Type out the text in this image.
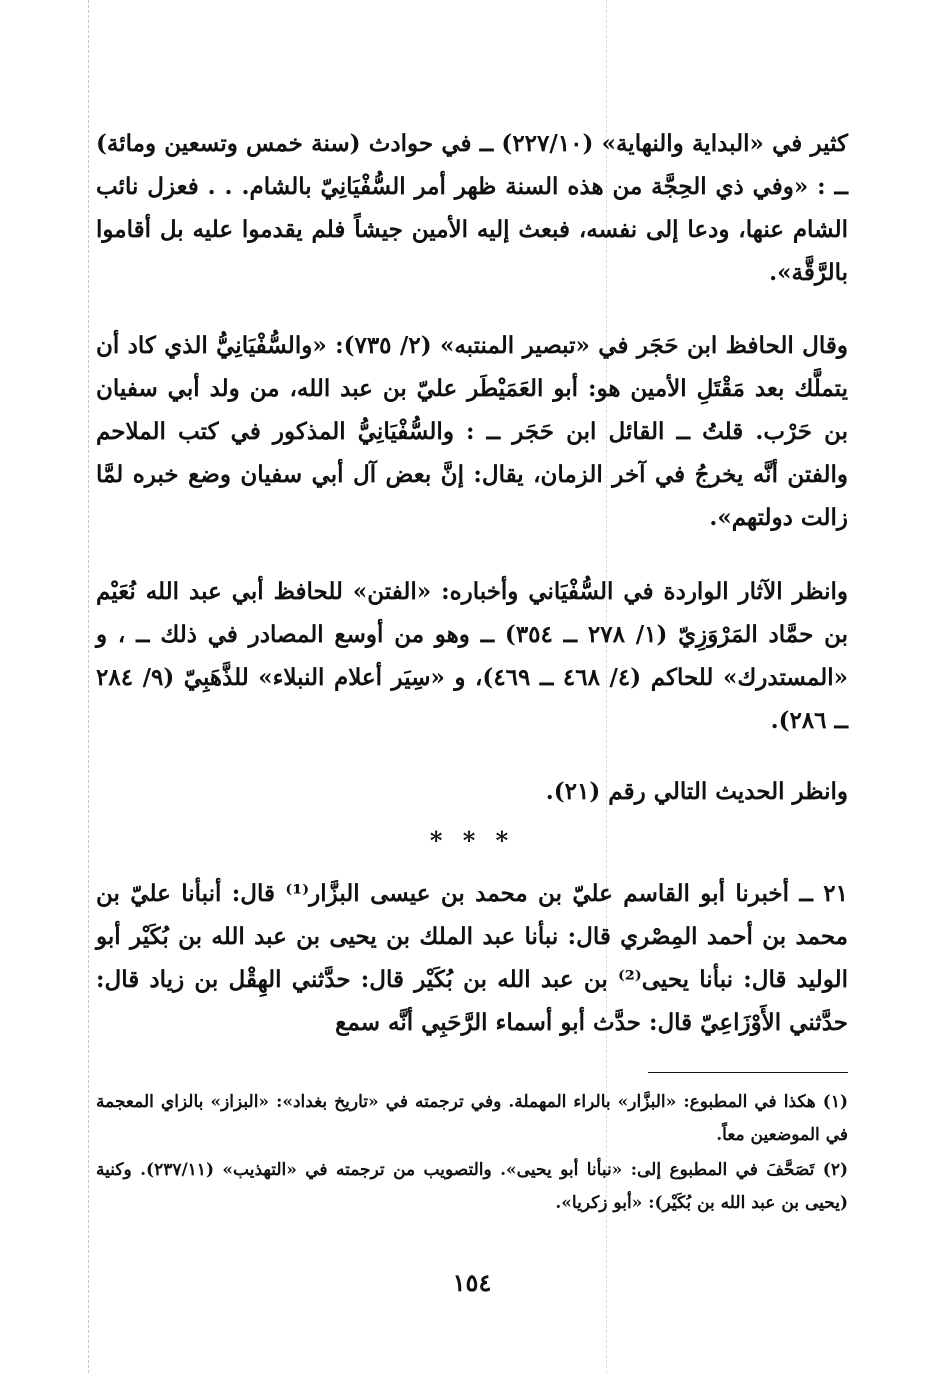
كثير في «البداية والنهاية» (٢٢٧/١٠) ــ في حوادث (سنة خمس وتسعين ومائة) ــ : «وفي ذي الحِجَّة من هذه السنة ظهر أمر السُّفْيَانِيّ بالشام. . . فعزل نائب الشام عنها، ودعا إلى نفسه، فبعث إليه الأمين جيشاً فلم يقدموا عليه بل أقاموا بالرَّقَّة».

وقال الحافظ ابن حَجَر في «تبصير المنتبه» (٢/ ٧٣٥): «والسُّفْيَانِيُّ الذي كاد أن يتملَّك بعد مَقْتَلِ الأمين هو: أبو العَمَيْطَر عليّ بن عبد الله، من ولد أبي سفيان بن حَرْب. قلتُ ــ القائل ابن حَجَر ــ : والسُّفْيَانِيُّ المذكور في كتب الملاحم والفتن أنَّه يخرجُ في آخر الزمان، يقال: إنَّ بعض آل أبي سفيان وضع خبره لمَّا زالت دولتهم».

وانظر الآثار الواردة في السُّفْيَاني وأخباره: «الفتن» للحافظ أبي عبد الله نُعَيْم بن حمَّاد المَرْوَزِيّ (١/ ٢٧٨ ــ ٣٥٤) ــ وهو من أوسع المصادر في ذلك ــ ، و «المستدرك» للحاكم (٤/ ٤٦٨ ــ ٤٦٩)، و «سِيَر أعلام النبلاء» للذَّهَبِيّ (٩/ ٢٨٤ ــ ٢٨٦).

وانظر الحديث التالي رقم (٢١).

* * *

٢١ ــ أخبرنا أبو القاسم عليّ بن محمد بن عيسى البزَّار⁽¹⁾ قال: أنبأنا عليّ بن محمد بن أحمد المِصْري قال: نبأنا عبد الملك بن يحيى بن عبد الله بن بُكَيْر أبو الوليد قال: نبأنا يحيى⁽²⁾ بن عبد الله بن بُكَيْر قال: حدَّثني الهِقْل بن زياد قال: حدَّثني الأَوْزَاعِيّ قال: حدَّث أبو أسماء الرَّحَبِي أنَّه سمع

(١) هكذا في المطبوع: «البزَّار» بالراء المهملة. وفي ترجمته في «تاريخ بغداد»: «البزاز» بالزاي المعجمة في الموضعين معاً.

(٢) تَصَحَّفَ في المطبوع إلى: «نبأنا أبو يحيى». والتصويب من ترجمته في «التهذيب» (٢٣٧/١١). وكنية (يحيى بن عبد الله بن بُكَيْر): «أبو زكريا».

١٥٤
